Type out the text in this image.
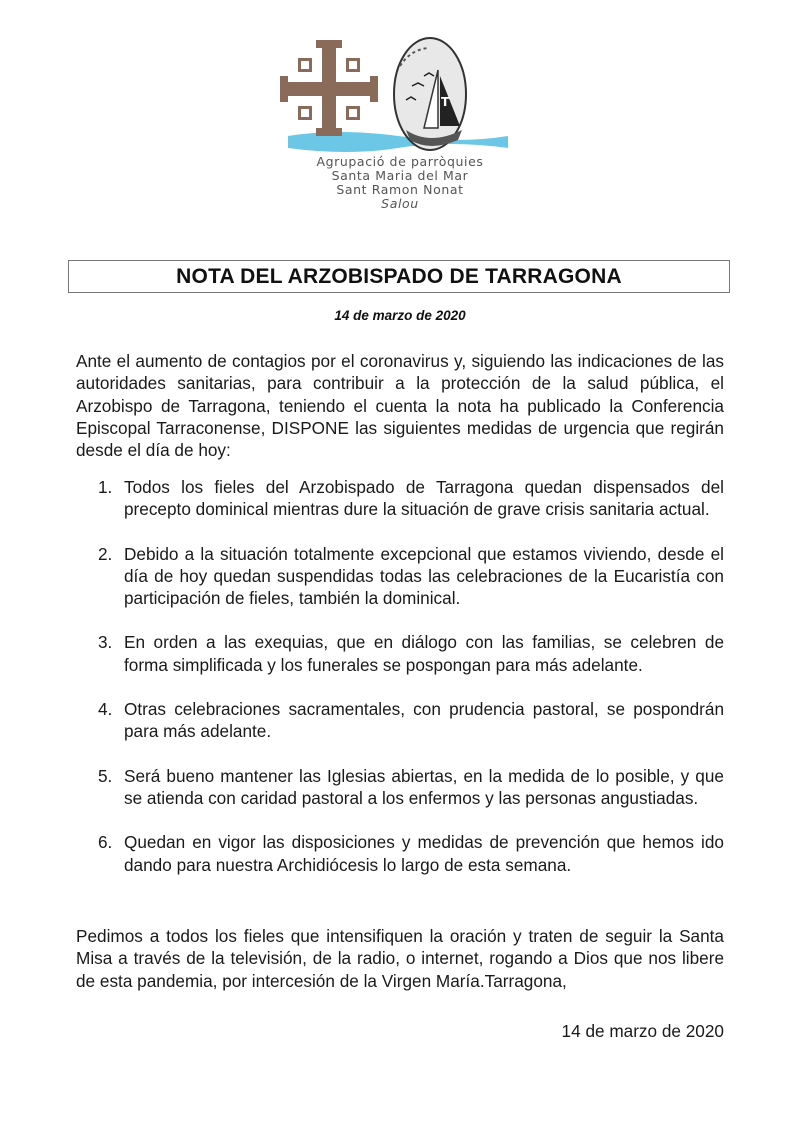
T
Agrupació de parròquies
Santa Maria del Mar
Sant Ramon Nonat
Salou
NOTA DEL ARZOBISPADO DE TARRAGONA
14 de marzo de 2020

Ante el aumento de contagios por el coronavirus y, siguiendo las indicaciones de las autoridades sanitarias, para contribuir a la protección de la salud pública, el Arzobispo de Tarragona, teniendo el cuenta la nota ha publicado la Conferencia Episcopal Tarraconense, DISPONE las siguientes medidas de urgencia que regirán desde el día de hoy:

1. Todos los fieles del Arzobispado de Tarragona quedan dispensados del precepto dominical mientras dure la situación de grave crisis sanitaria actual.
2. Debido a la situación totalmente excepcional que estamos viviendo, desde el día de hoy quedan suspendidas todas las celebraciones de la Eucaristía con participación de fieles, también la dominical.
3. En orden a las exequias, que en diálogo con las familias, se celebren de forma simplificada y los funerales se pospongan para más adelante.
4. Otras celebraciones sacramentales, con prudencia pastoral, se pospondrán para más adelante.
5. Será bueno mantener las Iglesias abiertas, en la medida de lo posible, y que se atienda con caridad pastoral a los enfermos y las personas angustiadas.
6. Quedan en vigor las disposiciones y medidas de prevención que hemos ido dando para nuestra Archidiócesis lo largo de esta semana.

Pedimos a todos los fieles que intensifiquen la oración y traten de seguir la Santa Misa a través de la televisión, de la radio, o internet, rogando a Dios que nos libere de esta pandemia, por intercesión de la Virgen María.Tarragona,

14 de marzo de 2020
